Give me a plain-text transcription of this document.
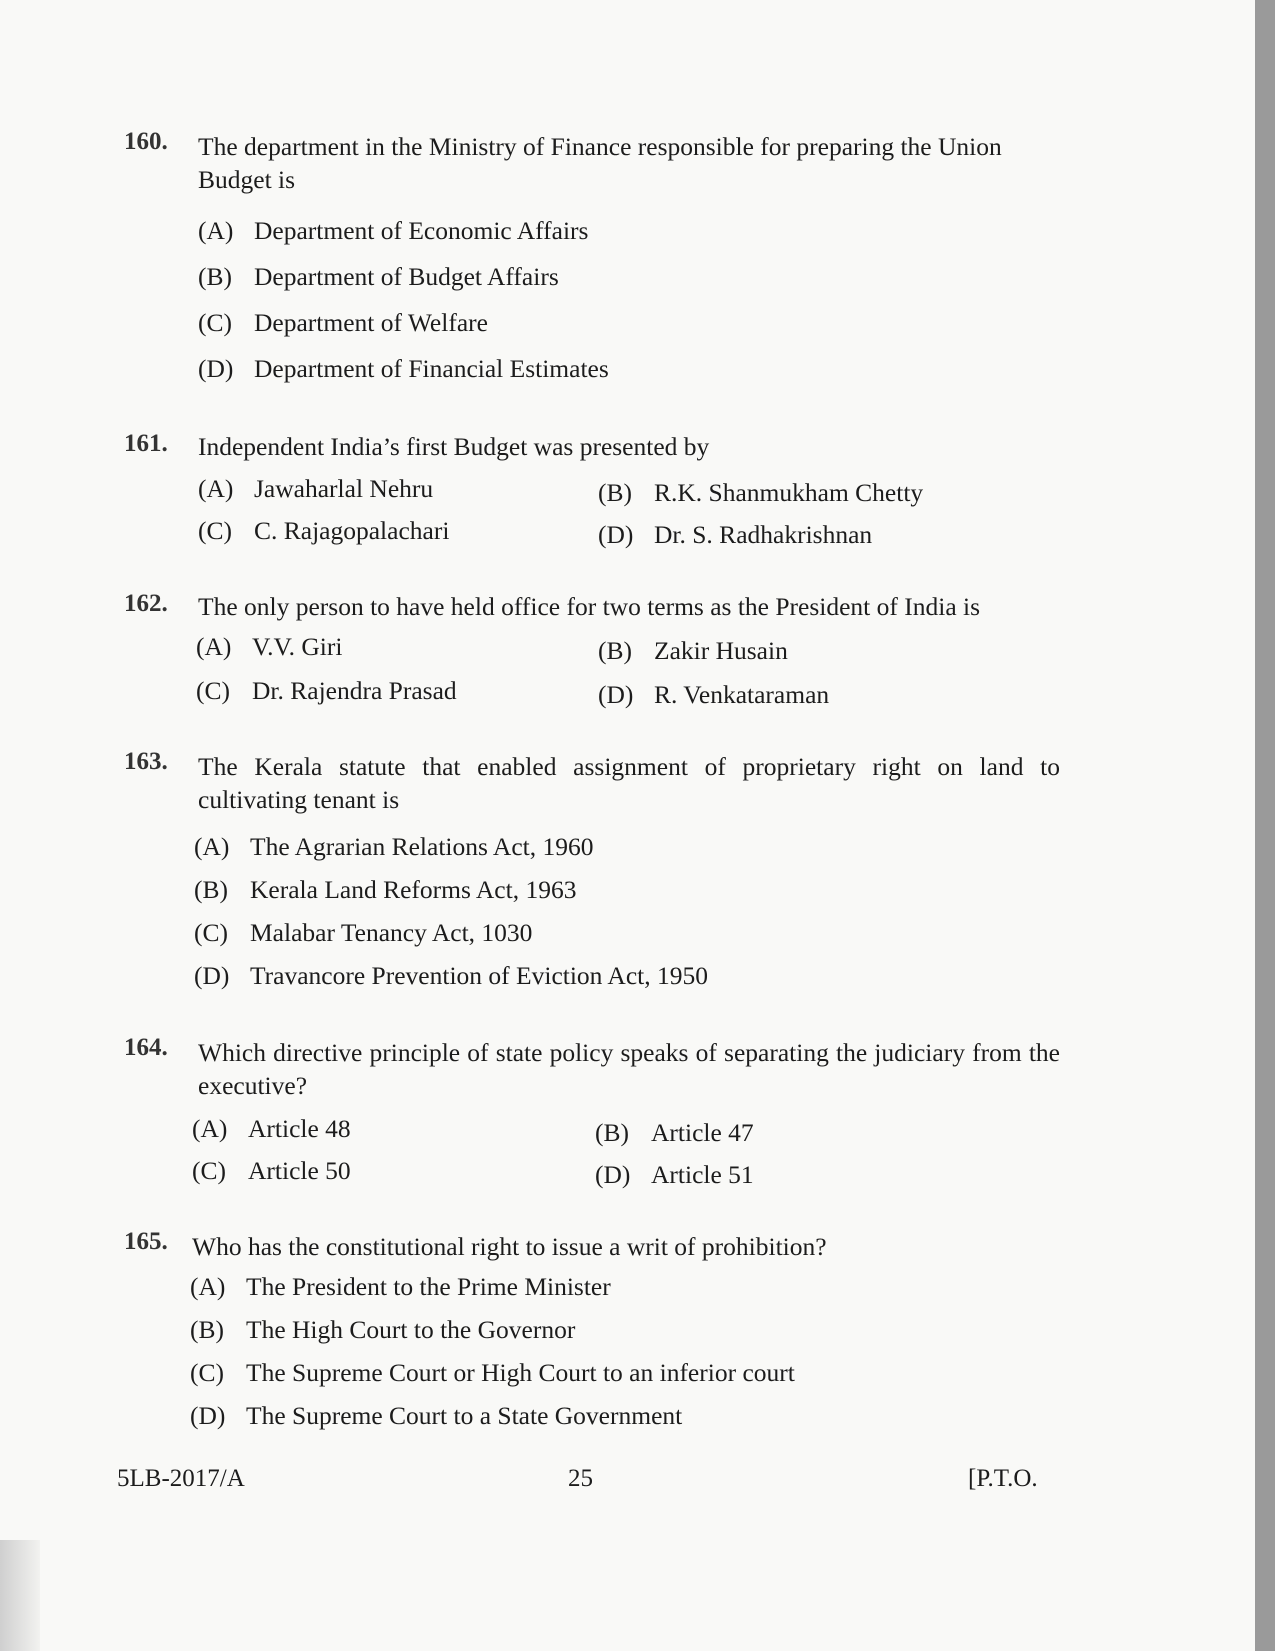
160.	The department in the Ministry of Finance responsible for preparing the Union Budget is
(A) Department of Economic Affairs
(B) Department of Budget Affairs
(C) Department of Welfare
(D) Department of Financial Estimates
161.	Independent India’s first Budget was presented by
(A) Jawaharlal Nehru	(B) R.K. Shanmukham Chetty
(C) C. Rajagopalachari	(D) Dr. S. Radhakrishnan
162.	The only person to have held office for two terms as the President of India is
(A) V.V. Giri	(B) Zakir Husain
(C) Dr. Rajendra Prasad	(D) R. Venkataraman
163.	The Kerala statute that enabled assignment of proprietary right on land to cultivating tenant is
(A) The Agrarian Relations Act, 1960
(B) Kerala Land Reforms Act, 1963
(C) Malabar Tenancy Act, 1030
(D) Travancore Prevention of Eviction Act, 1950
164.	Which directive principle of state policy speaks of separating the judiciary from the executive?
(A) Article 48	(B) Article 47
(C) Article 50	(D) Article 51
165. Who has the constitutional right to issue a writ of prohibition?
(A) The President to the Prime Minister
(B) The High Court to the Governor
(C) The Supreme Court or High Court to an inferior court
(D) The Supreme Court to a State Government
5LB-2017/A	25	[P.T.O.
